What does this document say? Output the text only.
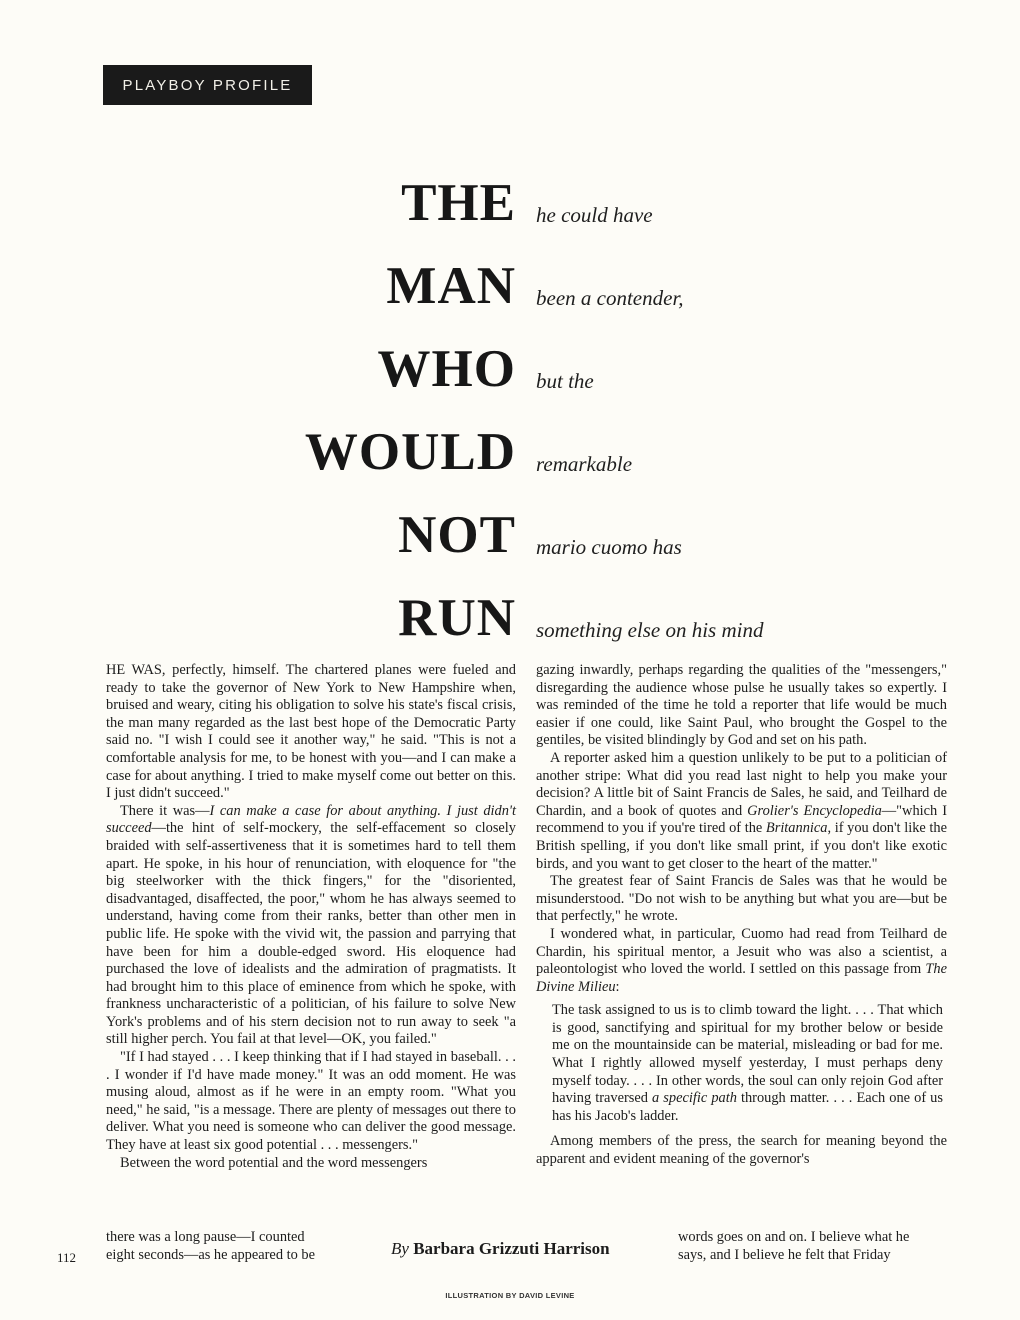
PLAYBOY PROFILE
THE he could have
MAN been a contender,
WHO but the
WOULD remarkable
NOT mario cuomo has
RUN something else on his mind

HE WAS, perfectly, himself. The chartered planes were fueled and ready to take the governor of New York to New Hampshire when, bruised and weary, citing his obligation to solve his state's fiscal crisis, the man many regarded as the last best hope of the Democratic Party said no. "I wish I could see it another way," he said. "This is not a comfortable analysis for me, to be honest with you—and I can make a case for about anything. I tried to make myself come out better on this. I just didn't succeed."

There it was—I can make a case for about anything. I just didn't succeed—the hint of self-mockery, the self-effacement so closely braided with self-assertiveness that it is sometimes hard to tell them apart. He spoke, in his hour of renunciation, with eloquence for "the big steelworker with the thick fingers," for the "disoriented, disadvantaged, disaffected, the poor," whom he has always seemed to understand, having come from their ranks, better than other men in public life. He spoke with the vivid wit, the passion and parrying that have been for him a double-edged sword. His eloquence had purchased the love of idealists and the admiration of pragmatists. It had brought him to this place of eminence from which he spoke, with frankness uncharacteristic of a politician, of his failure to solve New York's problems and of his stern decision not to run away to seek "a still higher perch. You fail at that level—OK, you failed."

"If I had stayed . . . I keep thinking that if I had stayed in baseball. . . . I wonder if I'd have made money." It was an odd moment. He was musing aloud, almost as if he were in an empty room. "What you need," he said, "is a message. There are plenty of messages out there to deliver. What you need is someone who can deliver the good message. They have at least six good potential . . . messengers."

Between the word potential and the word messengers

there was a long pause—I counted
eight seconds—as he appeared to be

gazing inwardly, perhaps regarding the qualities of the "messengers," disregarding the audience whose pulse he usually takes so expertly. I was reminded of the time he told a reporter that life would be much easier if one could, like Saint Paul, who brought the Gospel to the gentiles, be visited blindingly by God and set on his path.

A reporter asked him a question unlikely to be put to a politician of another stripe: What did you read last night to help you make your decision? A little bit of Saint Francis de Sales, he said, and Teilhard de Chardin, and a book of quotes and Grolier's Encyclopedia—"which I recommend to you if you're tired of the Britannica, if you don't like the British spelling, if you don't like small print, if you don't like exotic birds, and you want to get closer to the heart of the matter."

The greatest fear of Saint Francis de Sales was that he would be misunderstood. "Do not wish to be anything but what you are—but be that perfectly," he wrote.

I wondered what, in particular, Cuomo had read from Teilhard de Chardin, his spiritual mentor, a Jesuit who was also a scientist, a paleontologist who loved the world. I settled on this passage from The Divine Milieu:

The task assigned to us is to climb toward the light. . . . That which is good, sanctifying and spiritual for my brother below or beside me on the mountainside can be material, misleading or bad for me. What I rightly allowed myself yesterday, I must perhaps deny myself today. . . . In other words, the soul can only rejoin God after having traversed a specific path through matter. . . . Each one of us has his Jacob's ladder.

Among members of the press, the search for meaning beyond the apparent and evident meaning of the governor's

words goes on and on. I believe what he
says, and I believe he felt that Friday
By Barbara Grizzuti Harrison
112
ILLUSTRATION BY DAVID LEVINE
